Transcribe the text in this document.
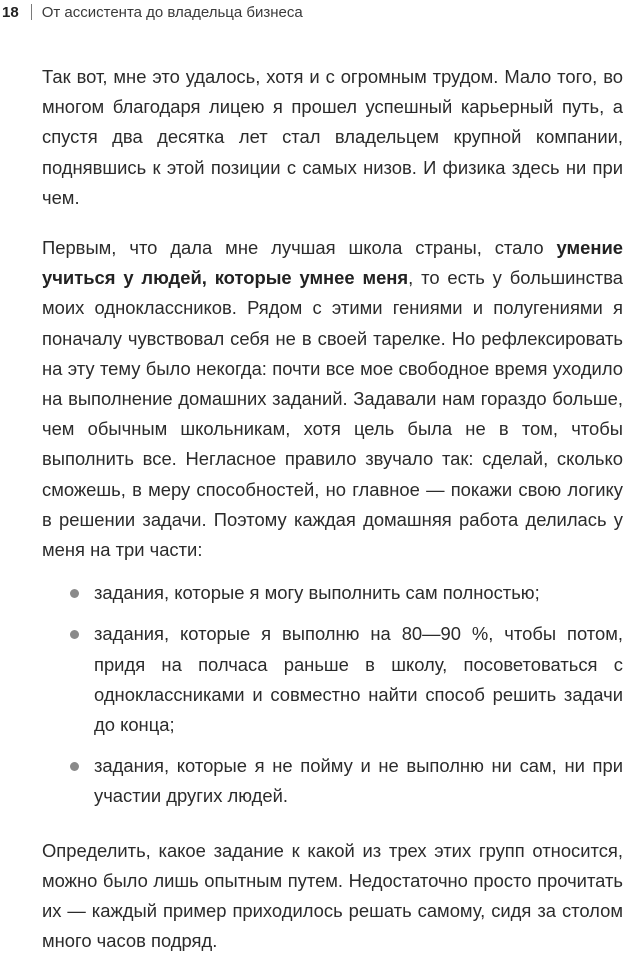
18 От ассистента до владельца бизнеса

Так вот, мне это удалось, хотя и с огромным трудом. Мало того, во многом благодаря лицею я прошел успешный карьерный путь, а спустя два десятка лет стал владельцем крупной компании, поднявшись к этой позиции с самых низов. И физика здесь ни при чем.

Первым, что дала мне лучшая школа страны, стало умение учиться у людей, которые умнее меня, то есть у большинства моих одноклассников. Рядом с этими гениями и полугениями я поначалу чувствовал себя не в своей тарелке. Но рефлексировать на эту тему было некогда: почти все мое свободное время уходило на выполнение домашних заданий. Задавали нам гораздо больше, чем обычным школьникам, хотя цель была не в том, чтобы выполнить все. Негласное правило звучало так: сделай, сколько сможешь, в меру способностей, но главное — покажи свою логику в решении задачи. Поэтому каждая домашняя работа делилась у меня на три части:

задания, которые я могу выполнить сам полностью;
задания, которые я выполню на 80—90 %, чтобы потом, придя на полчаса раньше в школу, посоветоваться с одноклассниками и совместно найти способ решить задачи до конца;
задания, которые я не пойму и не выполню ни сам, ни при участии других людей.

Определить, какое задание к какой из трех этих групп относится, можно было лишь опытным путем. Недостаточно просто прочитать их — каждый пример приходилось решать самому, сидя за столом много часов подряд.
